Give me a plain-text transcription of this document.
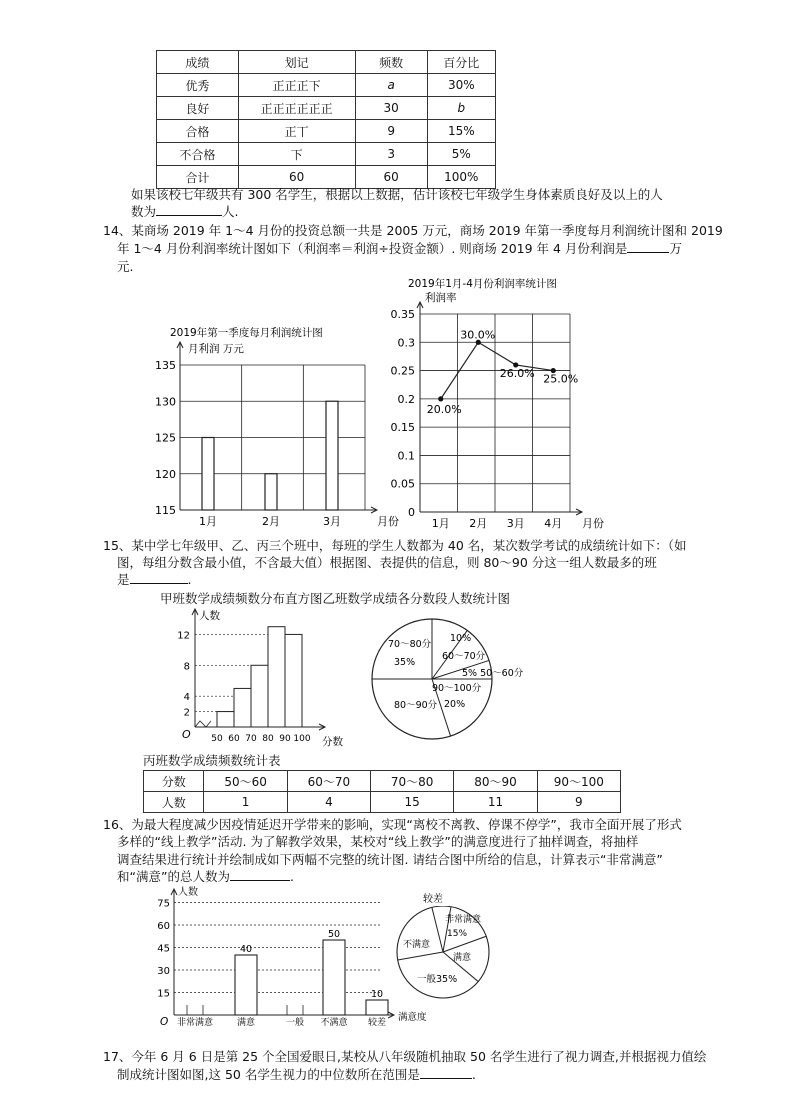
成绩	划记	频数	百分比
优秀	正正正下	a	30%
良好	正正正正正正	30	b
合格	正丅	9	15%
不合格	下	3	5%
合计	60	60	100%
如果该校七年级共有 300 名学生，根据以上数据，估计该校七年级学生身体素质良好及以上的人
数为	人.
14、某商场 2019 年 1～4 月份的投资总额一共是 2005 万元，商场 2019 年第一季度每月利润统计图和 2019
年 1～4 月份利润率统计图如下（利润率＝利润÷投资金额）. 则商场 2019 年 4 月份利润是	万
元.
2019年第一季度每月利润统计图
月利润 万元
115
120
125
130
135
1月	2月	3月	月份
2019年1月-4月份利润率统计图
利润率
0
0.05
0.1
0.15
0.2
0.25
0.3
0.35
20.0%
1月
30.0%
2月
26.0%
3月
25.0%
4月 月份
15、某中学七年级甲、乙、丙三个班中，每班的学生人数都为 40 名，某次数学考试的成绩统计如下：（如
图，每组分数含最小值，不含最大值）根据图、表提供的信息，则 80～90 分这一组人数最多的班
是	.
甲班数学成绩频数分布直方图乙班数学成绩各分数段人数统计图
人数
O
2
4
8
12
50 60 70 80 90 100 分数
70～80分
35%
10%
60～70分
5% 50～60分
90～100分
20%
80～90分
丙班数学成绩频数统计表
分数	50～60	60～70	70～80	80～90	90～100
人数	1	4	15	11	9
16、为最大程度减少因疫情延迟开学带来的影响，实现“离校不离教、停课不停学”，我市全面开展了形式
多样的“线上教学”活动. 为了解教学效果，某校对“线上教学”的满意度进行了抽样调查，将抽样
调查结果进行统计并绘制成如下两幅不完整的统计图. 请结合图中所给的信息，计算表示“非常满意”
和“满意”的总人数为	.
人数
O
15
30
45
60
75
非常满意
40
满意	一般
50
不满意
10
较差 满意度
较差
非常满意
15%
不满意
满意
一般35%
17、今年 6 月 6 日是第 25 个全国爱眼日,某校从八年级随机抽取 50 名学生进行了视力调查,并根据视力值绘
制成统计图如图,这 50 名学生视力的中位数所在范围是	.
